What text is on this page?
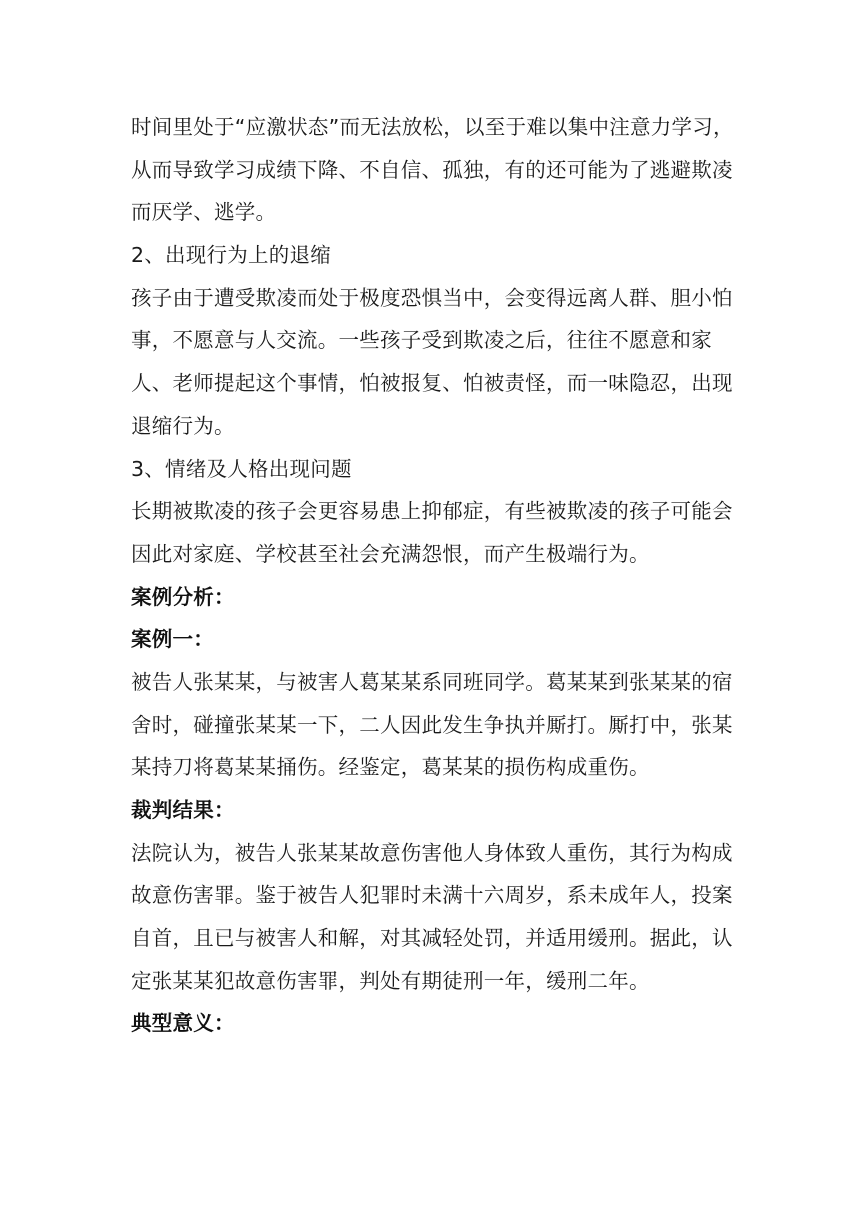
时间里处于“应激状态”而无法放松，以至于难以集中注意力学习，
从而导致学习成绩下降、不自信、孤独，有的还可能为了逃避欺凌
而厌学、逃学。
2、出现行为上的退缩
孩子由于遭受欺凌而处于极度恐惧当中，会变得远离人群、胆小怕
事，不愿意与人交流。一些孩子受到欺凌之后，往往不愿意和家
人、老师提起这个事情，怕被报复、怕被责怪，而一味隐忍，出现
退缩行为。
3、情绪及人格出现问题
长期被欺凌的孩子会更容易患上抑郁症，有些被欺凌的孩子可能会
因此对家庭、学校甚至社会充满怨恨，而产生极端行为。
案例分析：
案例一：
被告人张某某，与被害人葛某某系同班同学。葛某某到张某某的宿
舍时，碰撞张某某一下，二人因此发生争执并厮打。厮打中，张某
某持刀将葛某某捅伤。经鉴定，葛某某的损伤构成重伤。
裁判结果：
法院认为，被告人张某某故意伤害他人身体致人重伤，其行为构成
故意伤害罪。鉴于被告人犯罪时未满十六周岁，系未成年人，投案
自首，且已与被害人和解，对其减轻处罚，并适用缓刑。据此，认
定张某某犯故意伤害罪，判处有期徒刑一年，缓刑二年。
典型意义：
